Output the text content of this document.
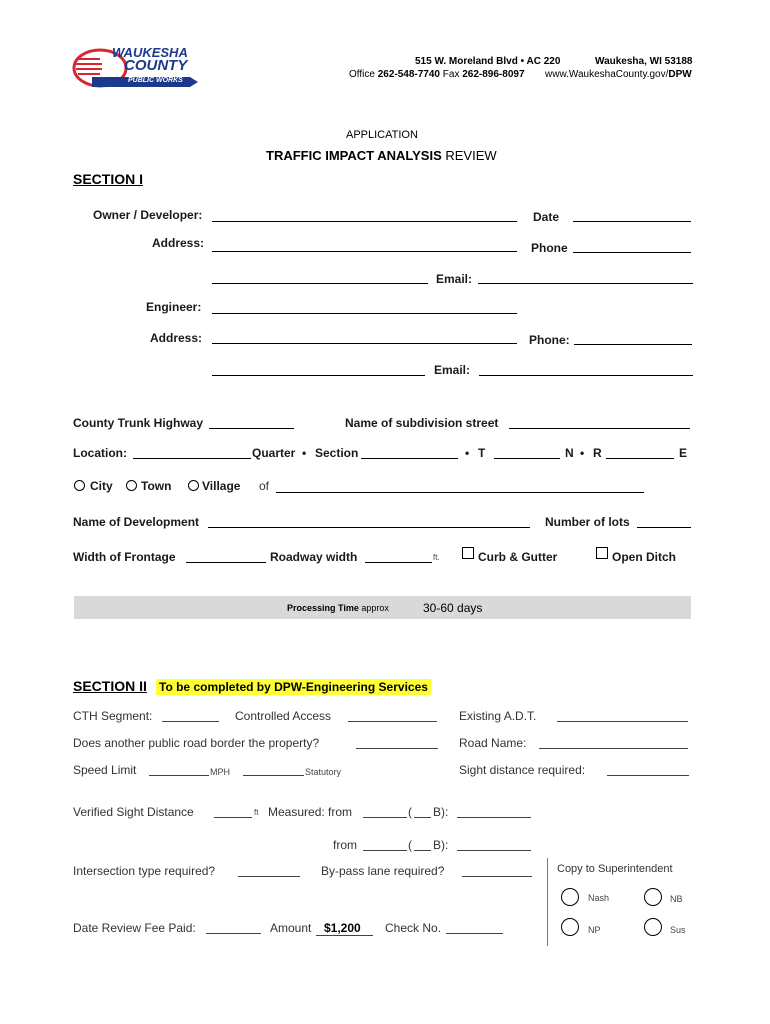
WAUKESHA
COUNTY
PUBLIC WORKS
515 W. Moreland Blvd • AC 220	Waukesha, WI 53188
Office 262-548-7740 Fax 262-896-8097 www.WaukeshaCounty.gov/DPW
APPLICATION
TRAFFIC IMPACT ANALYSIS REVIEW
SECTION I
Owner / Developer:	Date
Address:	Phone
Email:
Engineer:
Address:	Phone:
Email:
County Trunk Highway	Name of subdivision street
Location:	Quarter • Section	• T	N • R	E
City Town	Village of
Name of Development	Number of lots
Width of Frontage	Roadway width	ft.	Curb & Gutter	Open Ditch
Processing Time approx	30-60 days
SECTION II To be completed by DPW-Engineering Services
CTH Segment:	Controlled Access	Existing A.D.T.
Does another public road border the property?	Road Name:
Speed Limit	MPH	Statutory	Sight distance required:
Verified Sight Distance	ft Measured: from	( B):
from	( B):
Intersection type required?	By-pass lane required?	Copy to Superintendent
Nash	NB
NP	Sus
Date Review Fee Paid:	Amount	$1,200	Check No.
